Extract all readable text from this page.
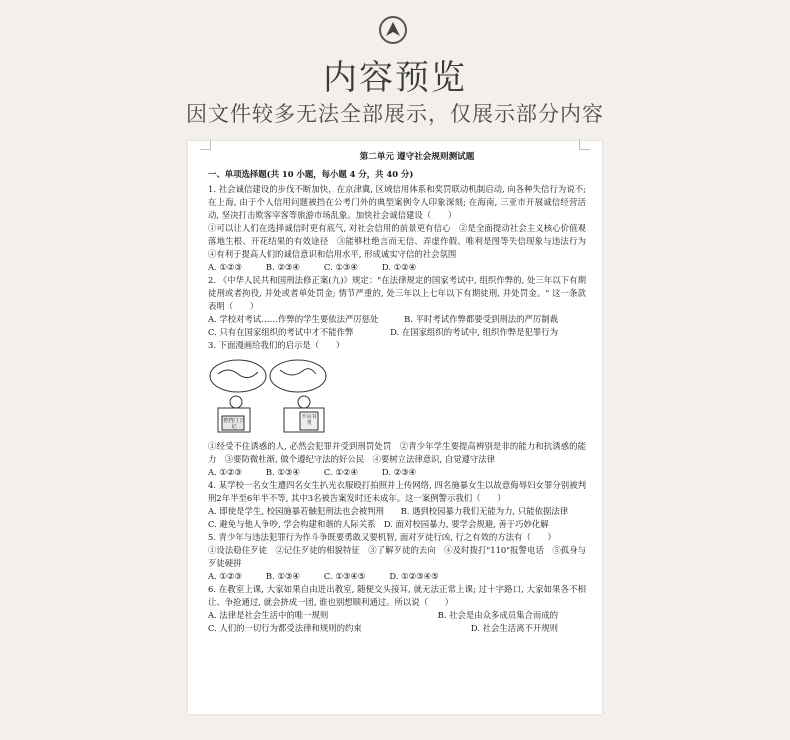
内容预览
因文件较多无法全部展示，仅展示部分内容
第二单元 遵守社会规则测试题
一、单项选择题(共 10 小题，每小题 4 分，共 40 分)

1. 社会诚信建设的步伐不断加快，在京津冀, 区域信用体系和奖罚联动机制启动, 向各种失信行为说不; 在上海, 由于个人信用问题被挡在公考门外的典型案例令人印象深刻; 在海南, 三亚市开展诚信经营活动, 坚决打击欺客宰客等旅游市场乱象。加快社会诚信建设（　　）

①可以让人们在选择诚信时更有底气, 对社会信用的前景更有信心　②是全面提动社会主义核心价值观落地生根、开花结果的有效途径　③能够杜绝言而无信、弄虚作假、唯利是图等失信现象与违法行为　④有利于提高人们的诚信意识和信用水平, 形成诚实守信的社会氛围

A. ①②③	B. ②③④	C. ①③④	D. ①②④

2. 《中华人民共和国刑法修正案(九)》规定："在法律规定的国家考试中, 组织作弊的, 处三年以下有期徒刑或者拘役, 并处或者单处罚金; 情节严重的, 处三年以上七年以下有期徒刑, 并处罚金。" 这一条款表明（　　）

A. 学校对考试……作弊的学生要依法严厉惩处	B. 平时考试作弊都要受到刑法的严厉制裁
C. 只有在国家组织的考试中才不能作弊	D. 在国家组织的考试中, 组织作弊是犯罪行为

3. 下面漫画给我们的启示是（　　）

曾挡门 日记
不良书刊

①经受不住诱惑的人, 必然会犯罪并受到刑罚处罚　②青少年学生要提高辨别是非的能力和抗诱惑的能力　③要防微杜渐, 做个遵纪守法的好公民　④要树立法律意识, 自觉遵守法律

A. ①②③	B. ①③④	C. ①②④	D. ②③④

4. 某学校一名女生遭四名女生扒光衣服殴打拍照并上传网络, 四名施暴女生以故意侮辱妇女罪分别被判刑2年半至6年半不等, 其中3名被告案发时还未成年。这一案例警示我们（　　）

A. 即使是学生, 校园施暴若触犯刑法也会被判刑　　B. 遇到校园暴力我们无能为力, 只能依据法律

C. 避免与他人争吵, 学会构建和谐的人际关系　D. 面对校园暴力, 要学会规避, 善于巧妙化解

5. 青少年与违法犯罪行为作斗争既要勇敢又要机智, 面对歹徒行凶, 行之有效的方法有（　　）

①设法稳住歹徒　②记住歹徒的相貌特征　③了解歹徒的去向　④及时拨打"110"报警电话　⑤孤身与歹徒硬拼

A. ①②③	B. ①③④	C. ①③④⑤	D. ①②③④⑤

6. 在教室上课, 大家如果自由进出教室, 随便交头接耳, 就无法正常上课; 过十字路口, 大家如果各不相让、争抢通过, 就会挤成一团, 谁也别想顺利通过。所以说（　　）

A. 法律是社会生活中的唯一规则	B. 社会是由众多成员集合而成的
C. 人们的一切行为都受法律和规则的约束	D. 社会生活离不开规则
